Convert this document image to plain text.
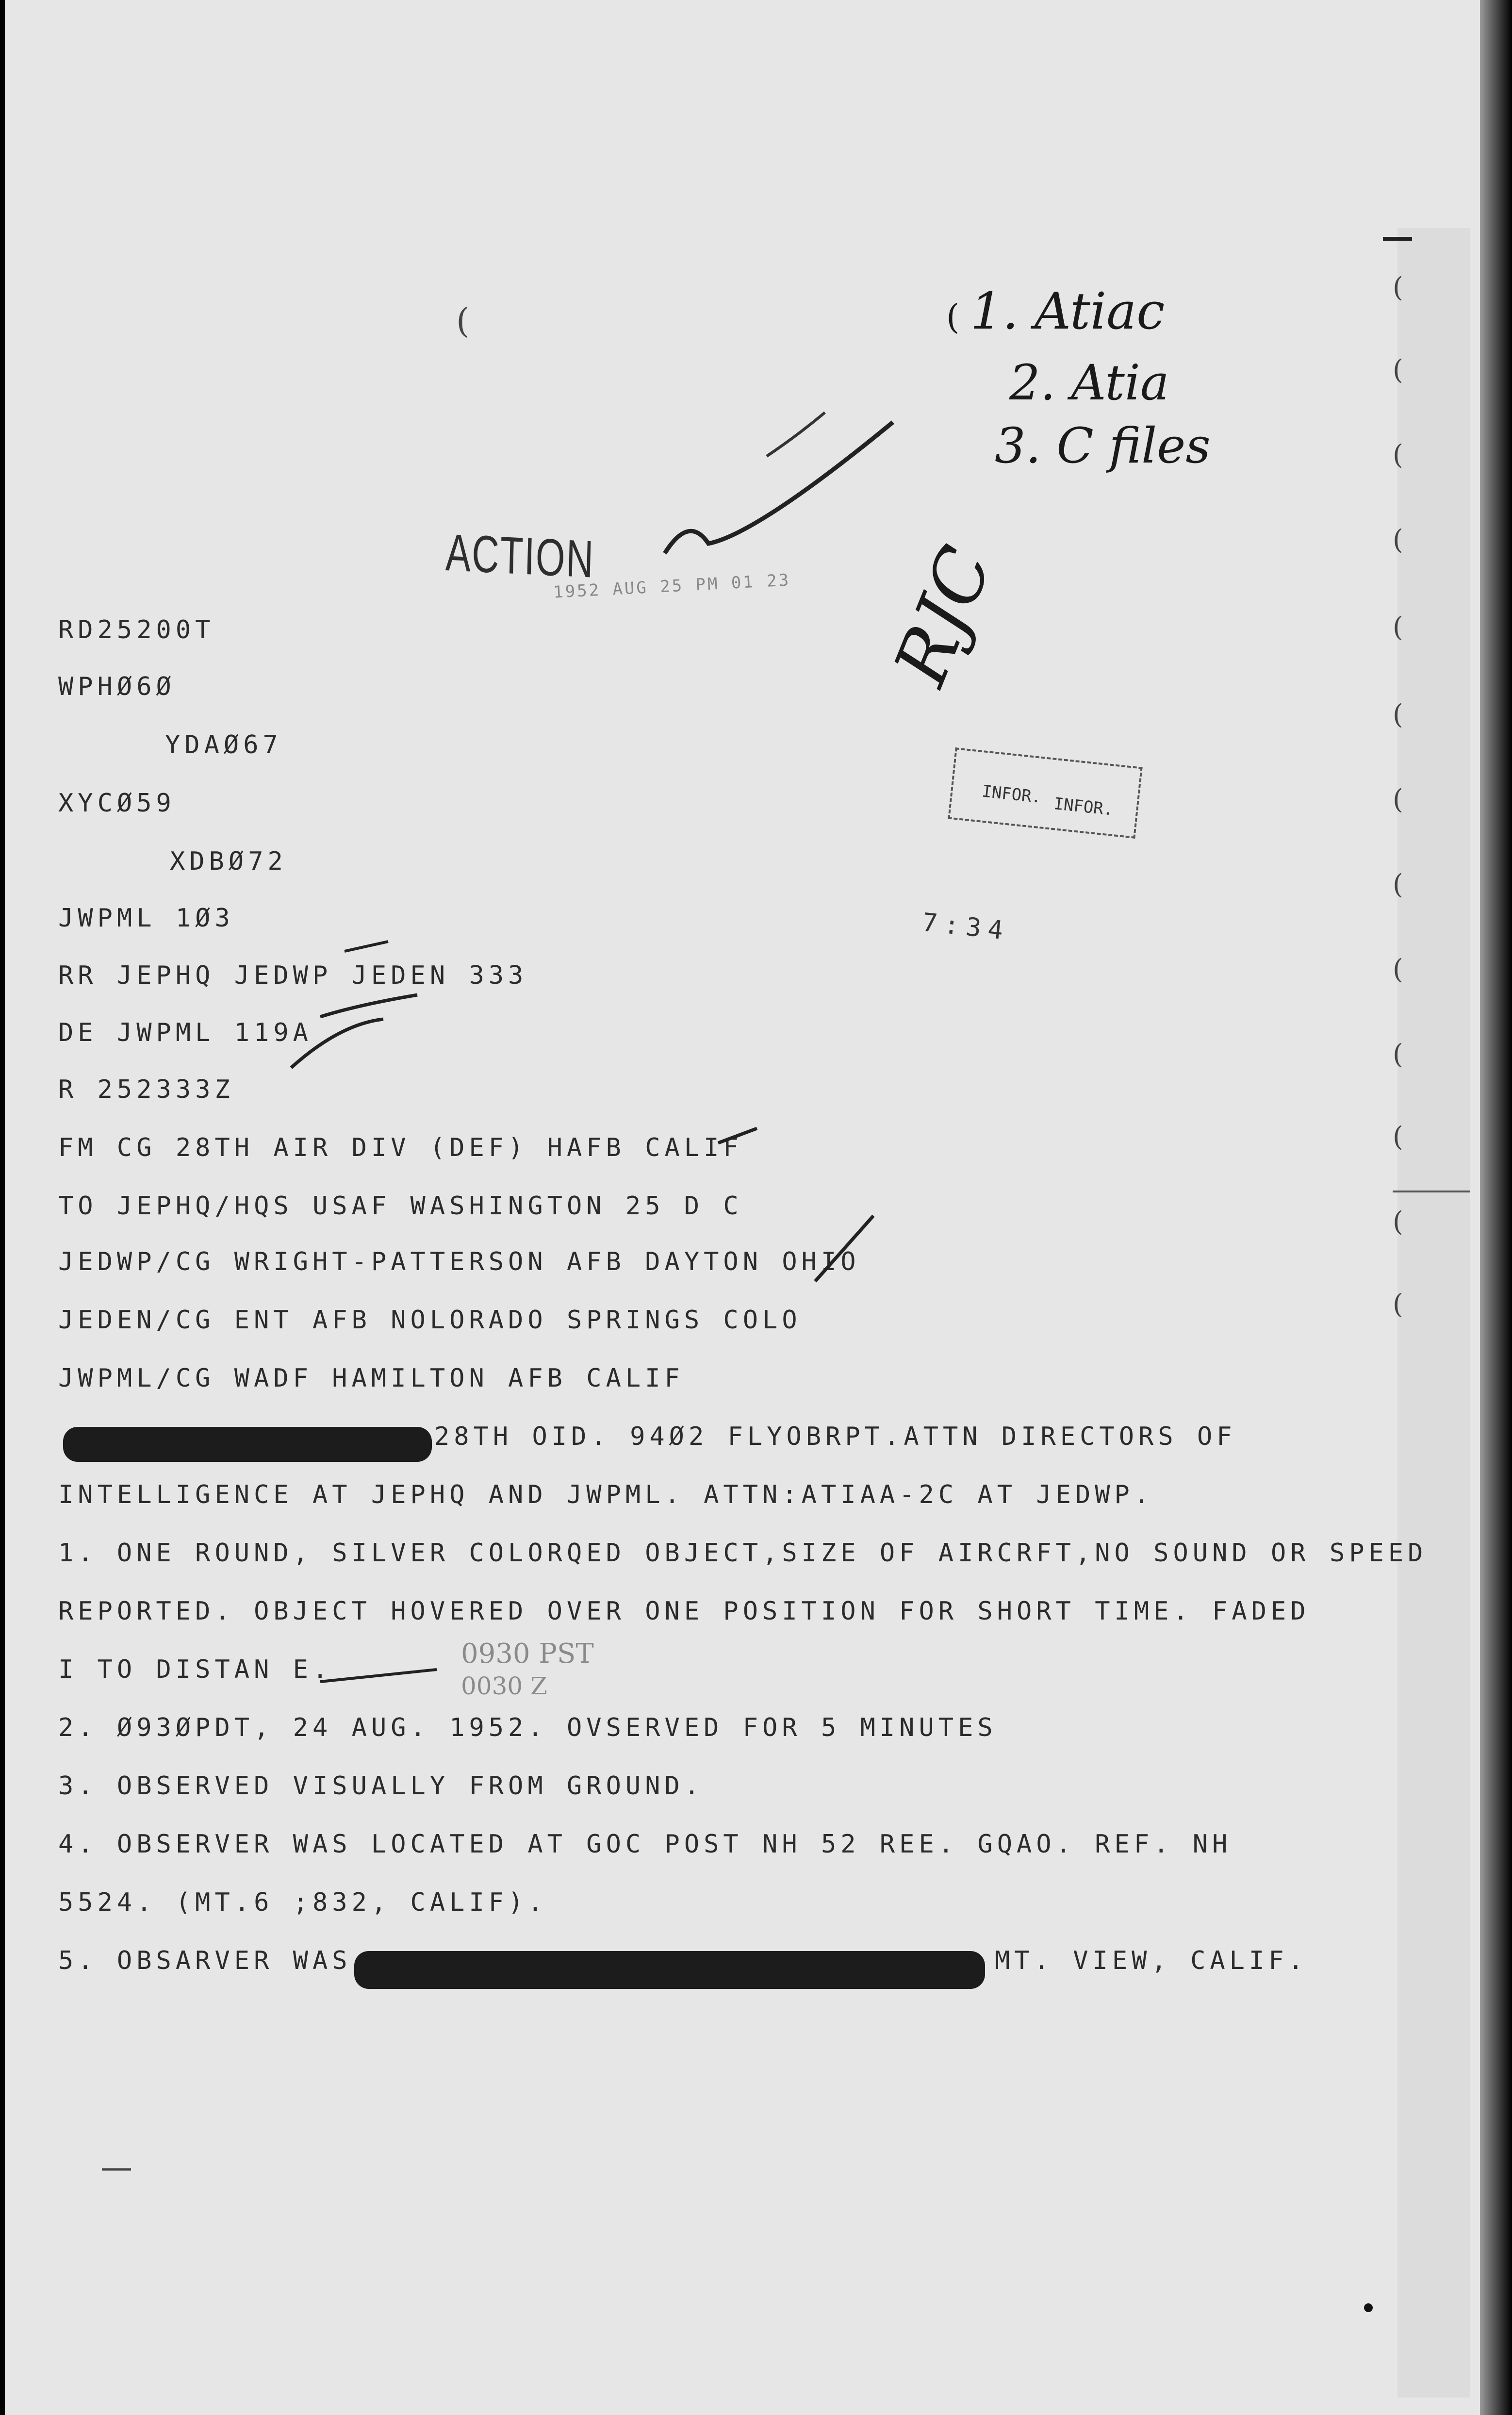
(
(
(
(
(
(
(
(
(
(
(
(
(
(	( 1. Atiac
2. Atia
3. C files
ACTION
1952 AUG 25 PM 01 23
INFOR. INFOR.
RJC
7:34
RD25200T
WPHØ6Ø
YDAØ67
XYCØ59
XDBØ72
JWPML 1Ø3
RR JEPHQ JEDWP JEDEN 333
DE JWPML 119A
R 252333Z
FM CG 28TH AIR DIV (DEF) HAFB CALIF
TO JEPHQ/HQS USAF WASHINGTON 25 D C
JEDWP/CG WRIGHT-PATTERSON AFB DAYTON OHIO
JEDEN/CG ENT AFB NOLORADO SPRINGS COLO
JWPML/CG WADF HAMILTON AFB CALIF
28TH OID. 94Ø2 FLYOBRPT.ATTN DIRECTORS OF
INTELLIGENCE AT JEPHQ AND JWPML. ATTN:ATIAA-2C AT JEDWP.
1. ONE ROUND, SILVER COLORQED OBJECT,SIZE OF AIRCRFT,NO SOUND OR SPEED
REPORTED. OBJECT HOVERED OVER ONE POSITION FOR SHORT TIME. FADED
I TO DISTAN E.	0930 PST
0030 Z
2. Ø93ØPDT, 24 AUG. 1952. OVSERVED FOR 5 MINUTES
3. OBSERVED VISUALLY FROM GROUND.
4. OBSERVER WAS LOCATED AT GOC POST NH 52 REE. GQAO. REF. NH
5524. (MT.6 ;832, CALIF).
5. OBSARVER WAS	MT. VIEW, CALIF.
